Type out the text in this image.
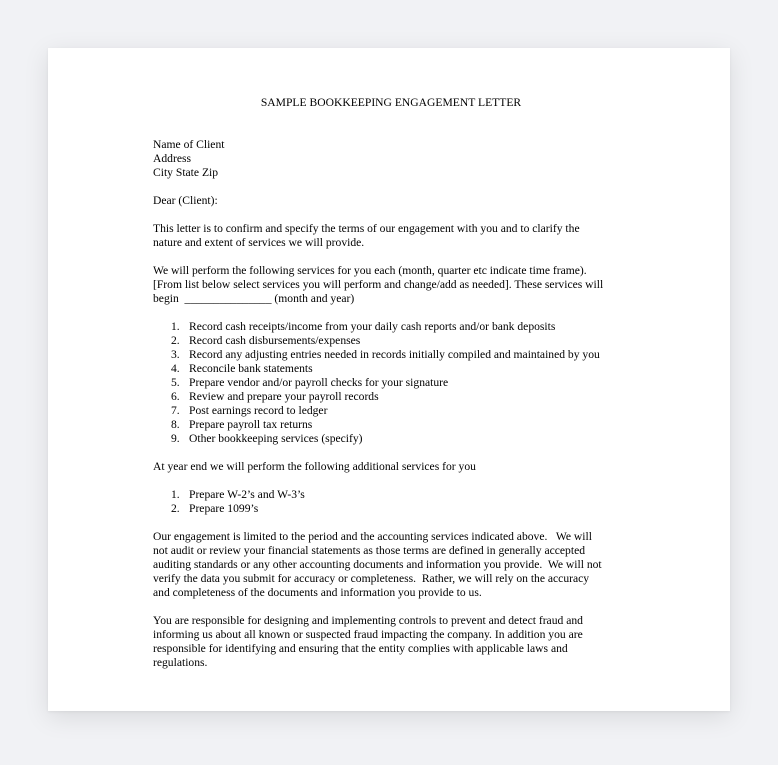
SAMPLE BOOKKEEPING ENGAGEMENT LETTER
Name of Client
Address
City State Zip

Dear (Client):

This letter is to confirm and specify the terms of our engagement with you and to clarify the
nature and extent of services we will provide.

We will perform the following services for you each (month, quarter etc indicate time frame).
[From list below select services you will perform and change/add as needed]. These services will
begin  _______________ (month and year)

1. Record cash receipts/income from your daily cash reports and/or bank deposits
2. Record cash disbursements/expenses
3. Record any adjusting entries needed in records initially compiled and maintained by you
4. Reconcile bank statements
5. Prepare vendor and/or payroll checks for your signature
6. Review and prepare your payroll records
7. Post earnings record to ledger
8. Prepare payroll tax returns
9. Other bookkeeping services (specify)

At year end we will perform the following additional services for you

1. Prepare W-2’s and W-3’s
2. Prepare 1099’s

Our engagement is limited to the period and the accounting services indicated above.   We will
not audit or review your financial statements as those terms are defined in generally accepted
auditing standards or any other accounting documents and information you provide.  We will not
verify the data you submit for accuracy or completeness.  Rather, we will rely on the accuracy
and completeness of the documents and information you provide to us.

You are responsible for designing and implementing controls to prevent and detect fraud and
informing us about all known or suspected fraud impacting the company. In addition you are
responsible for identifying and ensuring that the entity complies with applicable laws and
regulations.
